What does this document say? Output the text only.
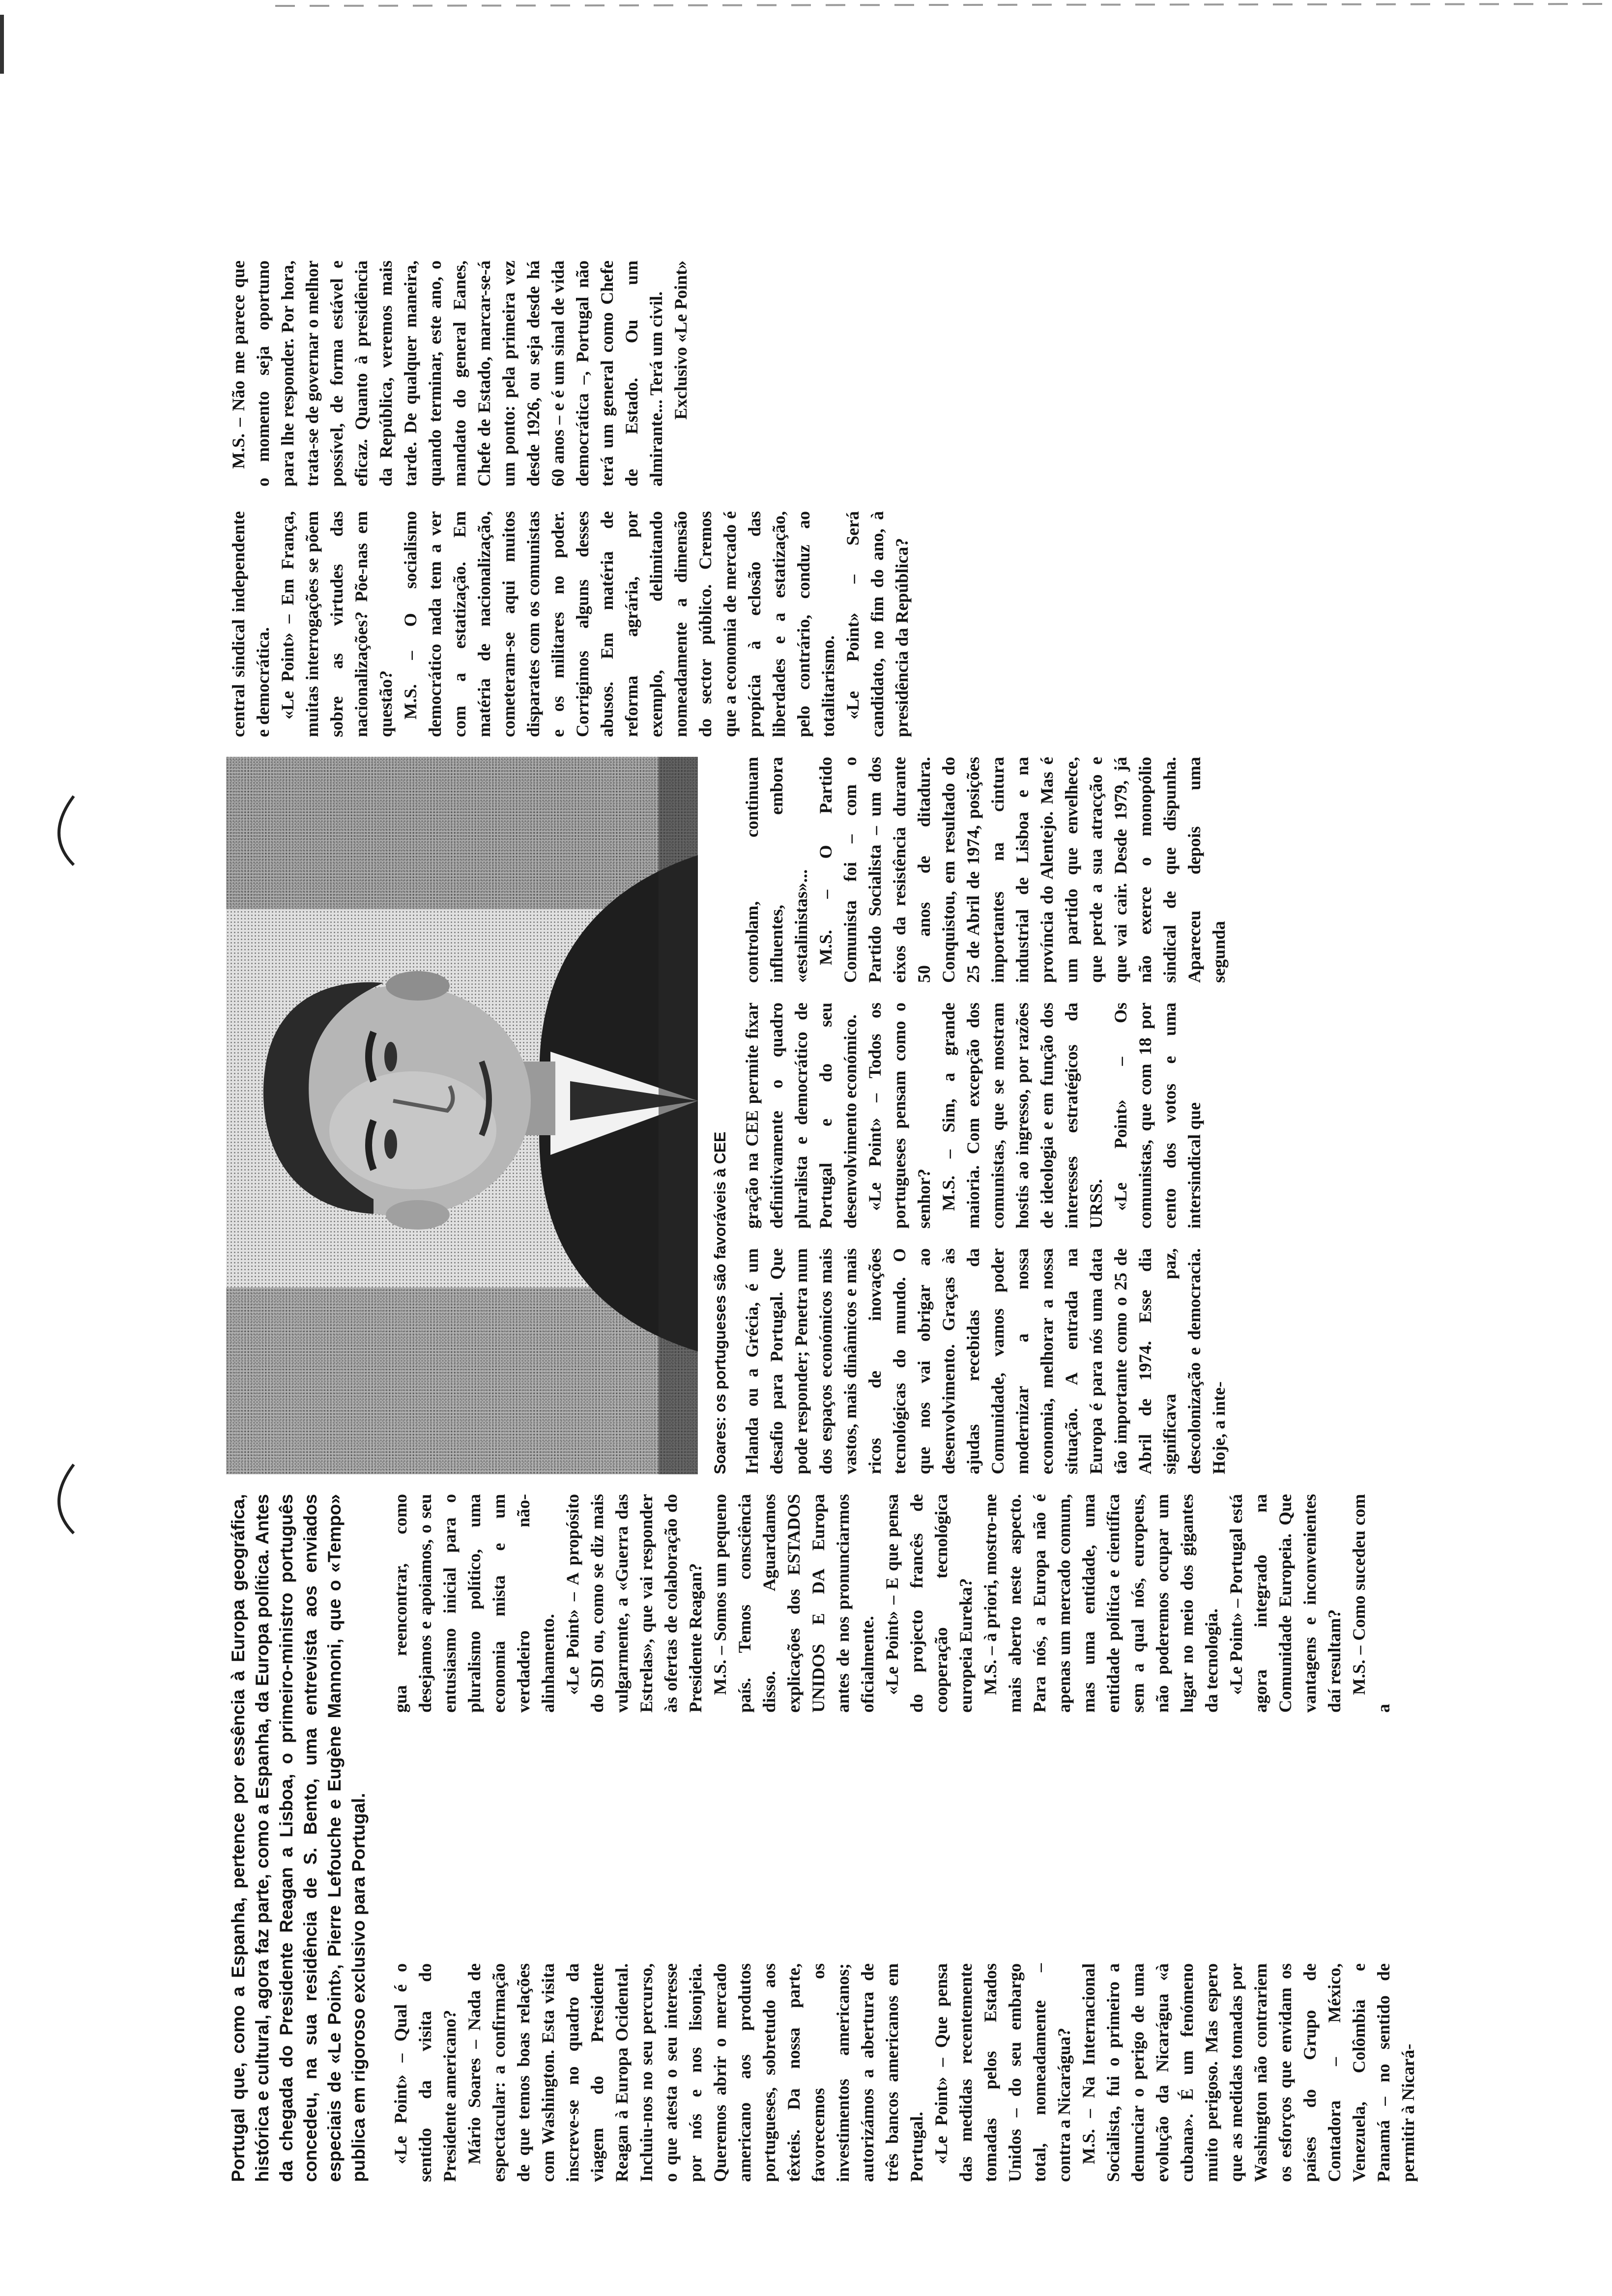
Portugal que, como a Espanha, pertence por essência à Europa geográfica, histórica e cultural, agora faz parte, como a Espanha, da Europa política. Antes da chegada do Presidente Reagan a Lisboa, o primeiro-ministro português concedeu, na sua residência de S. Bento, uma entrevista aos enviados especiais de «Le Point», Pierre Lefouche e Eugène Mannoni, que o «Tempo» publica em rigoroso exclusivo para Portugal. «Le Point» – Qual é o sentido da visita do Presidente americano? Mário Soares – Nada de espectacular: a confirmação de que temos boas relações com Washington. Esta visita inscreve-se no quadro da viagem do Presidente Reagan à Europa Ocidental. Incluiu-nos no seu percurso, o que atesta o seu interesse por nós e nos lisonjeia. Queremos abrir o mercado americano aos produtos portugueses, sobretudo aos têxteis. Da nossa parte, favorecemos os investimentos americanos; autorizámos a abertura de três bancos americanos em Portugal. «Le Point» – Que pensa das medidas recentemente tomadas pelos Estados Unidos – do seu embargo total, nomeadamente – contra a Nicarágua? M.S. – Na Internacional Socialista, fui o primeiro a denunciar o perigo de uma evolução da Nicarágua «à cubana». É um fenómeno muito perigoso. Mas espero que as medidas tomadas por Washington não contrariem os esforços que envidam os países do Grupo de Contadora – México, Venezuela, Colômbia e Panamá – no sentido de permitir à Nicará-

gua reencontrar, como desejamos e apoiamos, o seu entusiasmo inicial para o pluralismo político, uma economia mista e um verdadeiro não-alinhamento. «Le Point» – A propósito do SDI ou, como se diz mais vulgarmente, a «Guerra das Estrelas», que vai responder às ofertas de colaboração do Presidente Reagan? M.S. – Somos um pequeno país. Temos consciência disso. Aguardamos explicações dos ESTADOS UNIDOS E DA Europa antes de nos pronunciarmos oficialmente. «Le Point» – E que pensa do projecto francês de cooperação tecnológica europeia Eureka? M.S. – à priori, mostro-me mais aberto neste aspecto. Para nós, a Europa não é apenas um mercado comum, mas uma entidade, uma entidade política e científica sem a qual nós, europeus, não poderemos ocupar um lugar no meio dos gigantes da tecnologia. «Le Point» – Portugal está agora integrado na Comunidade Europeia. Que vantagens e inconvenientes daí resultam? M.S. – Como sucedeu com a

Soares: os portugueses são favoráveis à CEE Irlanda ou a Grécia, é um desafio para Portugal. Que pode responder; Penetra num dos espaços económicos mais vastos, mais dinâmicos e mais ricos de inovações tecnológicas do mundo. O que nos vai obrigar ao desenvolvimento. Graças às ajudas recebidas da Comunidade, vamos poder modernizar a nossa economia, melhorar a nossa situação. A entrada na Europa é para nós uma data tão importante como o 25 de Abril de 1974. Esse dia significava paz, descolonização e democracia. Hoje, a inte-

gração na CEE permite fixar definitivamente o quadro pluralista e democrático de Portugal e do seu desenvolvimento económico. «Le Point» – Todos os portugueses pensam como o senhor? M.S. – Sim, a grande maioria. Com excepção dos comunistas, que se mostram hostis ao ingresso, por razões de ideologia e em função dos interesses estratégicos da URSS. «Le Point» – Os comunistas, que com 18 por cento dos votos e uma intersindical que

controlam, continuam influentes, embora «estalinistas»... M.S. – O Partido Comunista foi – com o Partido Socialista – um dos eixos da resistência durante 50 anos de ditadura. Conquistou, em resultado do 25 de Abril de 1974, posições importantes na cintura industrial de Lisboa e na província do Alentejo. Mas é um partido que envelhece, que perde a sua atracção e que vai cair. Desde 1979, já não exerce o monopólio sindical de que dispunha. Apareceu depois uma segunda

central sindical independente e democrática. «Le Point» – Em França, muitas interrogações se põem sobre as virtudes das nacionalizações? Põe-nas em questão? M.S. – O socialismo democrático nada tem a ver com a estatização. Em matéria de nacionalização, cometeram-se aqui muitos disparates com os comunistas e os militares no poder. Corrigimos alguns desses abusos. Em matéria de reforma agrária, por exemplo, delimitando nomeadamente a dimensão do sector público. Cremos que a economia de mercado é propícia à eclosão das liberdades e a estatização, pelo contrário, conduz ao totalitarismo. «Le Point» – Será candidato, no fim do ano, à presidência da República?

M.S. – Não me parece que o momento seja oportuno para lhe responder. Por hora, trata-se de governar o melhor possível, de forma estável e eficaz. Quanto à presidência da República, veremos mais tarde. De qualquer maneira, quando terminar, este ano, o mandato do general Eanes, Chefe de Estado, marcar-se-á um ponto: pela primeira vez desde 1926, ou seja desde há 60 anos – e é um sinal de vida democrática –, Portugal não terá um general como Chefe de Estado. Ou um almirante... Terá um civil. Exclusivo «Le Point»
